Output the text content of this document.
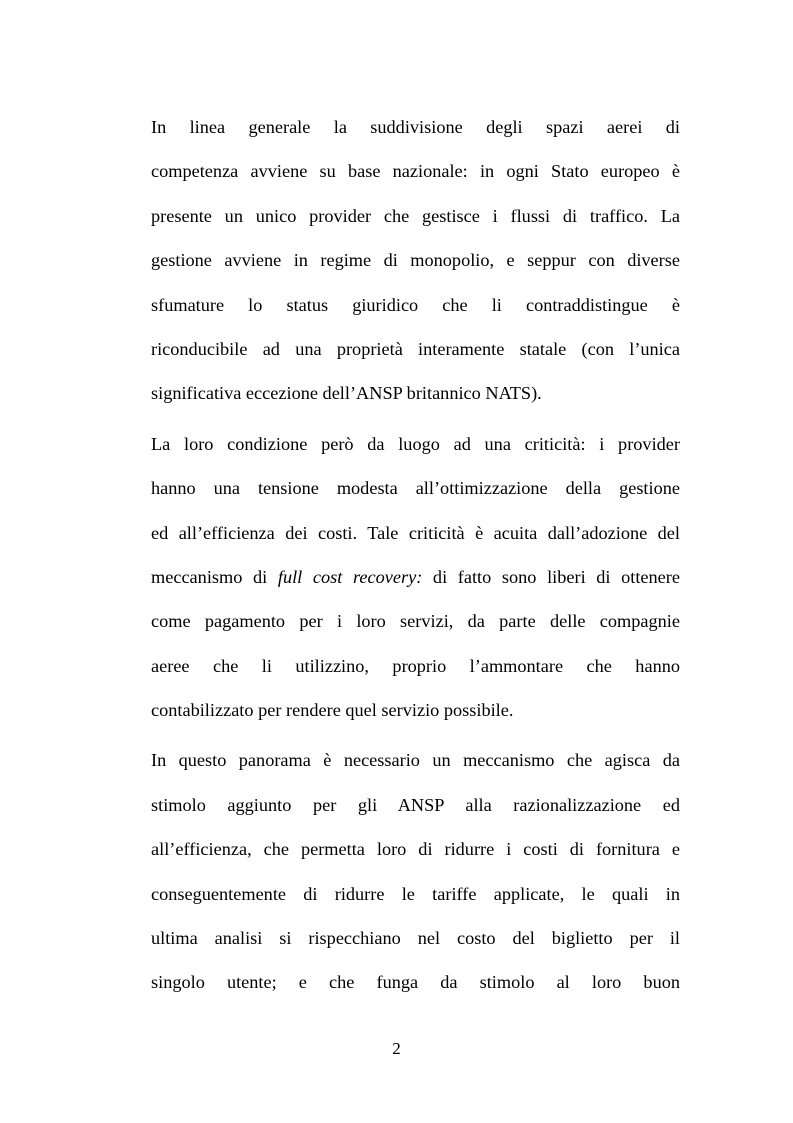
In linea generale la suddivisione degli spazi aerei di
competenza avviene su base nazionale: in ogni Stato europeo è
presente un unico provider che gestisce i flussi di traffico. La
gestione avviene in regime di monopolio, e seppur con diverse
sfumature lo status giuridico che li contraddistingue è
riconducibile ad una proprietà interamente statale (con l’unica
significativa eccezione dell’ANSP britannico NATS).
La loro condizione però da luogo ad una criticità: i provider
hanno una tensione modesta all’ottimizzazione della gestione
ed all’efficienza dei costi. Tale criticità è acuita dall’adozione del
meccanismo di full cost recovery: di fatto sono liberi di ottenere
come pagamento per i loro servizi, da parte delle compagnie
aeree che li utilizzino, proprio l’ammontare che hanno
contabilizzato per rendere quel servizio possibile.
In questo panorama è necessario un meccanismo che agisca da
stimolo aggiunto per gli ANSP alla razionalizzazione ed
all’efficienza, che permetta loro di ridurre i costi di fornitura e
conseguentemente di ridurre le tariffe applicate, le quali in
ultima analisi si rispecchiano nel costo del biglietto per il
singolo utente; e che funga da stimolo al loro buon
2
